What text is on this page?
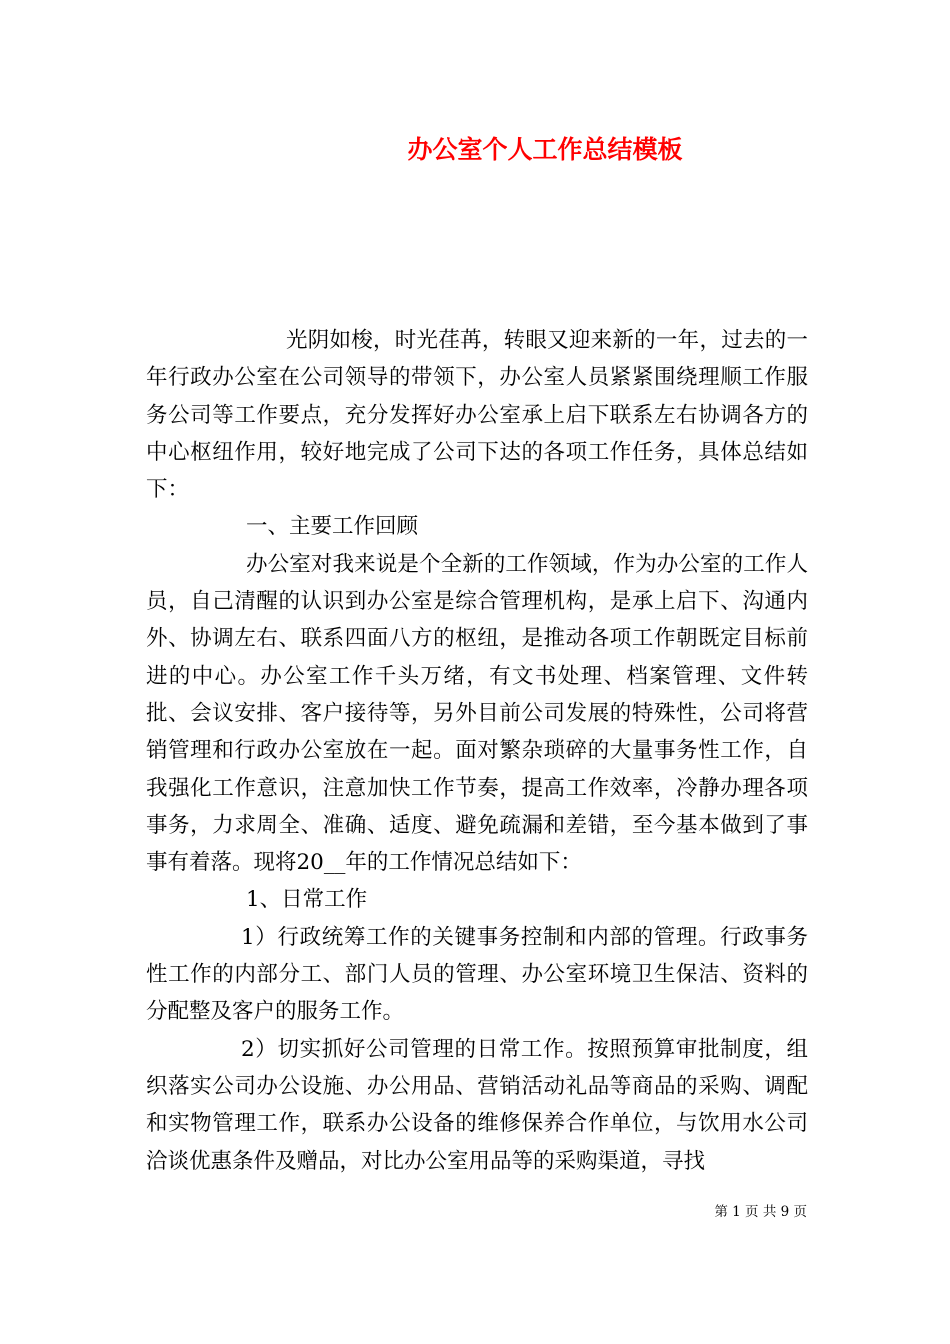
办公室个人工作总结模板

光阴如梭，时光荏苒，转眼又迎来新的一年，过去的一年行政办公室在公司领导的带领下，办公室人员紧紧围绕理顺工作服务公司等工作要点，充分发挥好办公室承上启下联系左右协调各方的中心枢纽作用，较好地完成了公司下达的各项工作任务，具体总结如下：

一、主要工作回顾

办公室对我来说是个全新的工作领域，作为办公室的工作人员，自己清醒的认识到办公室是综合管理机构，是承上启下、沟通内外、协调左右、联系四面八方的枢纽，是推动各项工作朝既定目标前进的中心。办公室工作千头万绪，有文书处理、档案管理、文件转批、会议安排、客户接待等，另外目前公司发展的特殊性，公司将营销管理和行政办公室放在一起。面对繁杂琐碎的大量事务性工作，自我强化工作意识，注意加快工作节奏，提高工作效率，冷静办理各项事务，力求周全、准确、适度、避免疏漏和差错，至今基本做到了事事有着落。现将20__年的工作情况总结如下：

1、日常工作

1）行政统筹工作的关键事务控制和内部的管理。行政事务性工作的内部分工、部门人员的管理、办公室环境卫生保洁、资料的分配整及客户的服务工作。

2）切实抓好公司管理的日常工作。按照预算审批制度，组织落实公司办公设施、办公用品、营销活动礼品等商品的采购、调配和实物管理工作，联系办公设备的维修保养合作单位，与饮用水公司洽谈优惠条件及赠品，对比办公室用品等的采购渠道，寻找

第 1 页 共 9 页
